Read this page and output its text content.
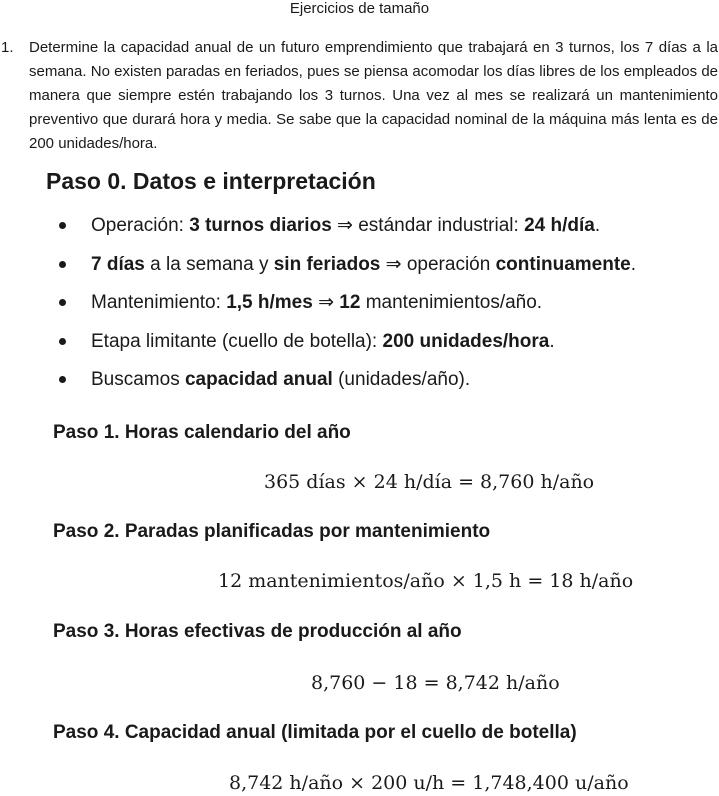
Ejercicios de tamaño
1. Determine la capacidad anual de un futuro emprendimiento que trabajará en 3 turnos, los 7 días a la semana. No existen paradas en feriados, pues se piensa acomodar los días libres de los empleados de manera que siempre estén trabajando los 3 turnos. Una vez al mes se realizará un mantenimiento preventivo que durará hora y media. Se sabe que la capacidad nominal de la máquina más lenta es de 200 unidades/hora.
Paso 0. Datos e interpretación
Operación: 3 turnos diarios ⇒ estándar industrial: 24 h/día.
7 días a la semana y sin feriados ⇒ operación continuamente.
Mantenimiento: 1,5 h/mes ⇒ 12 mantenimientos/año.
Etapa limitante (cuello de botella): 200 unidades/hora.
Buscamos capacidad anual (unidades/año).
Paso 1. Horas calendario del año
365 días × 24 h/día = 8,760 h/año
Paso 2. Paradas planificadas por mantenimiento
12 mantenimientos/año × 1,5 h = 18 h/año
Paso 3. Horas efectivas de producción al año
8,760 − 18 = 8,742 h/año
Paso 4. Capacidad anual (limitada por el cuello de botella)
8,742 h/año × 200 u/h = 1,748,400 u/año
